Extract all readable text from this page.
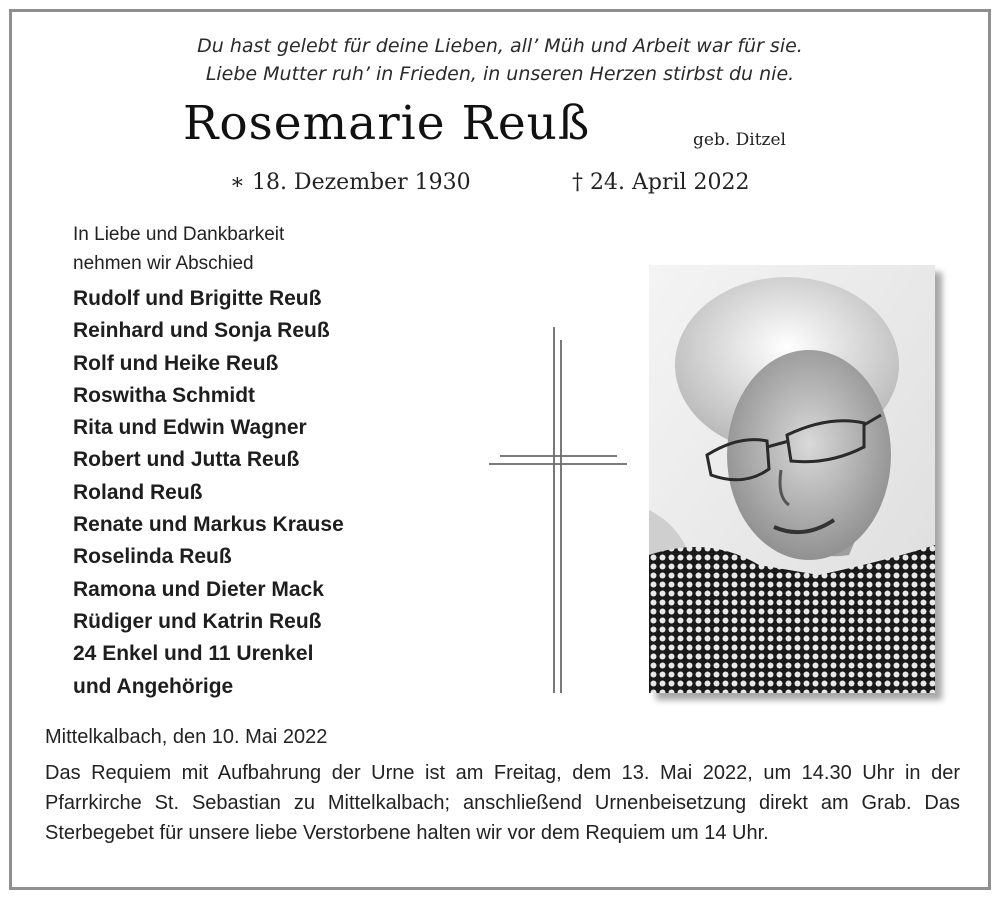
Du hast gelebt für deine Lieben, all’ Müh und Arbeit war für sie.
Liebe Mutter ruh’ in Frieden, in unseren Herzen stirbst du nie.
Rosemarie Reuß	geb. Ditzel
∗ 18. Dezember 1930	† 24. April 2022
In Liebe und Dankbarkeit
nehmen wir Abschied
Rudolf und Brigitte Reuß
Reinhard und Sonja Reuß
Rolf und Heike Reuß
Roswitha Schmidt
Rita und Edwin Wagner
Robert und Jutta Reuß
Roland Reuß
Renate und Markus Krause
Roselinda Reuß
Ramona und Dieter Mack
Rüdiger und Katrin Reuß
24 Enkel und 11 Urenkel
und Angehörige
Mittelkalbach, den 10. Mai 2022
Das Requiem mit Aufbahrung der Urne ist am Freitag, dem 13. Mai 2022, um 14.30 Uhr in der Pfarrkirche St. Sebastian zu Mittelkalbach; anschließend Urnenbeisetzung direkt am Grab. Das Sterbegebet für unsere liebe Verstorbene halten wir vor dem Requiem um 14 Uhr.
